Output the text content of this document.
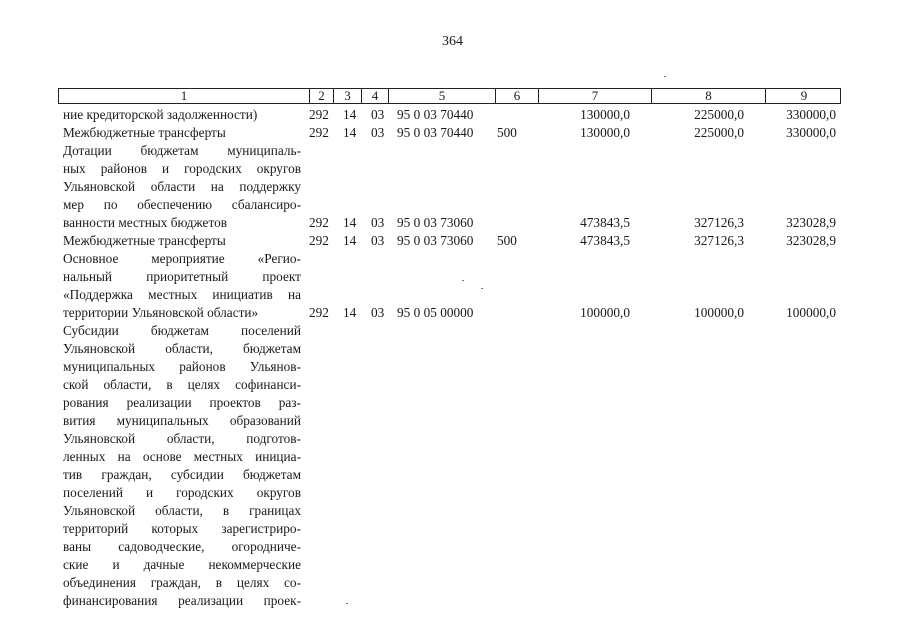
364
1	2	3	4	5	6	7	8	9
ние кредиторской задолженности)	292 14 03 95 0 03 70440	130000,0	225000,0	330000,0
Межбюджетные трансферты	292 14 03 95 0 03 70440 500	130000,0	225000,0	330000,0
Дотации бюджетам муниципаль-
ных районов и городских округов
Ульяновской области на поддержку
мер по обеспечению сбалансиро-
ванности местных бюджетов	292 14 03 95 0 03 73060	473843,5	327126,3	323028,9
Межбюджетные трансферты	292 14 03 95 0 03 73060 500	473843,5	327126,3	323028,9
Основное мероприятие «Регио-
нальный приоритетный проект
«Поддержка местных инициатив на
территории Ульяновской области»	292 14 03 95 0 05 00000	100000,0	100000,0	100000,0
Субсидии бюджетам поселений
Ульяновской области, бюджетам
муниципальных районов Ульянов-
ской области, в целях софинанси-
рования реализации проектов раз-
вития муниципальных образований
Ульяновской области, подготов-
ленных на основе местных инициа-
тив граждан, субсидии бюджетам
поселений и городских округов
Ульяновской области, в границах
территорий которых зарегистриро-
ваны садоводческие, огородниче-
ские и дачные некоммерческие
объединения граждан, в целях со-
финансирования реализации проек-
